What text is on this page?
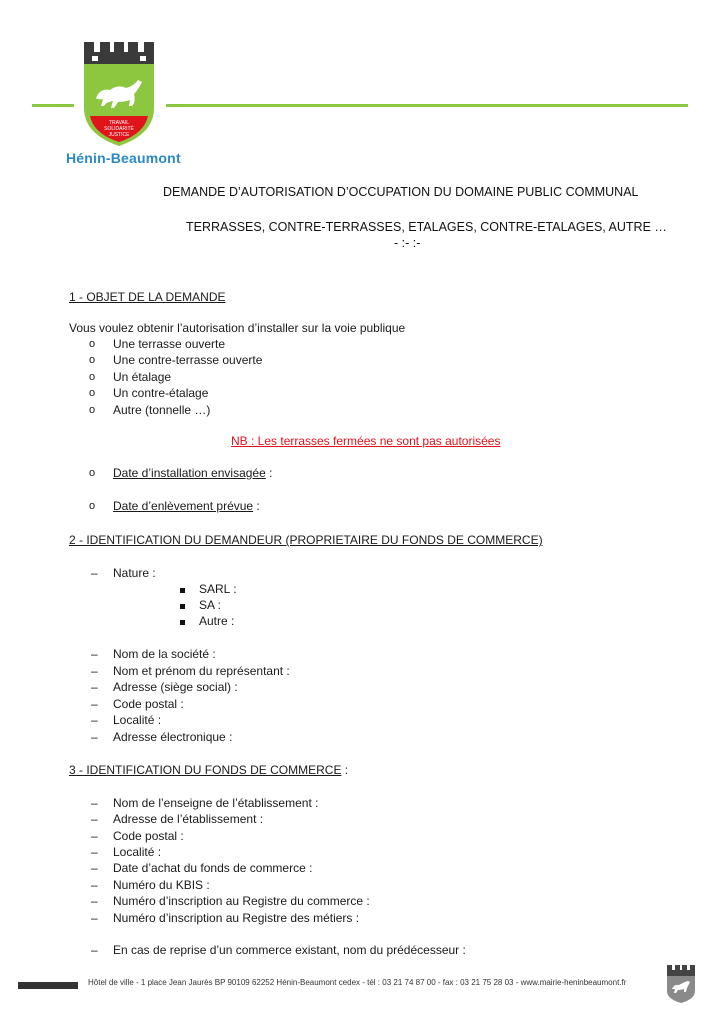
TRAVAIL
SOLIDARITÉ
JUSTICE
Hénin-Beaumont
DEMANDE D’AUTORISATION D’OCCUPATION DU DOMAINE PUBLIC COMMUNAL
TERRASSES, CONTRE-TERRASSES, ETALAGES, CONTRE-ETALAGES, AUTRE …
- :- :-
1 - OBJET DE LA DEMANDE
Vous voulez obtenir l’autorisation d’installer sur la voie publique
o Une terrasse ouverte
o Une contre-terrasse ouverte
o Un étalage
o Un contre-étalage
o Autre (tonnelle …)
NB : Les terrasses fermées ne sont pas autorisées
o Date d’installation envisagée :
o Date d’enlèvement prévue :
2 - IDENTIFICATION DU DEMANDEUR (PROPRIETAIRE DU FONDS DE COMMERCE)
– Nature :
SARL :
SA :
Autre :
– Nom de la société :
– Nom et prénom du représentant :
– Adresse (siège social) :
– Code postal :
– Localité :
– Adresse électronique :
3 - IDENTIFICATION DU FONDS DE COMMERCE :
– Nom de l’enseigne de l’établissement :
– Adresse de l’établissement :
– Code postal :
– Localité :
– Date d’achat du fonds de commerce :
– Numéro du KBIS :
– Numéro d’inscription au Registre du commerce :
– Numéro d’inscription au Registre des métiers :
– En cas de reprise d’un commerce existant, nom du prédécesseur :
Hôtel de ville - 1 place Jean Jaurès BP 90109 62252 Hénin-Beaumont cedex - tél : 03 21 74 87 00 - fax : 03 21 75 28 03 - www.mairie-heninbeaumont.fr
